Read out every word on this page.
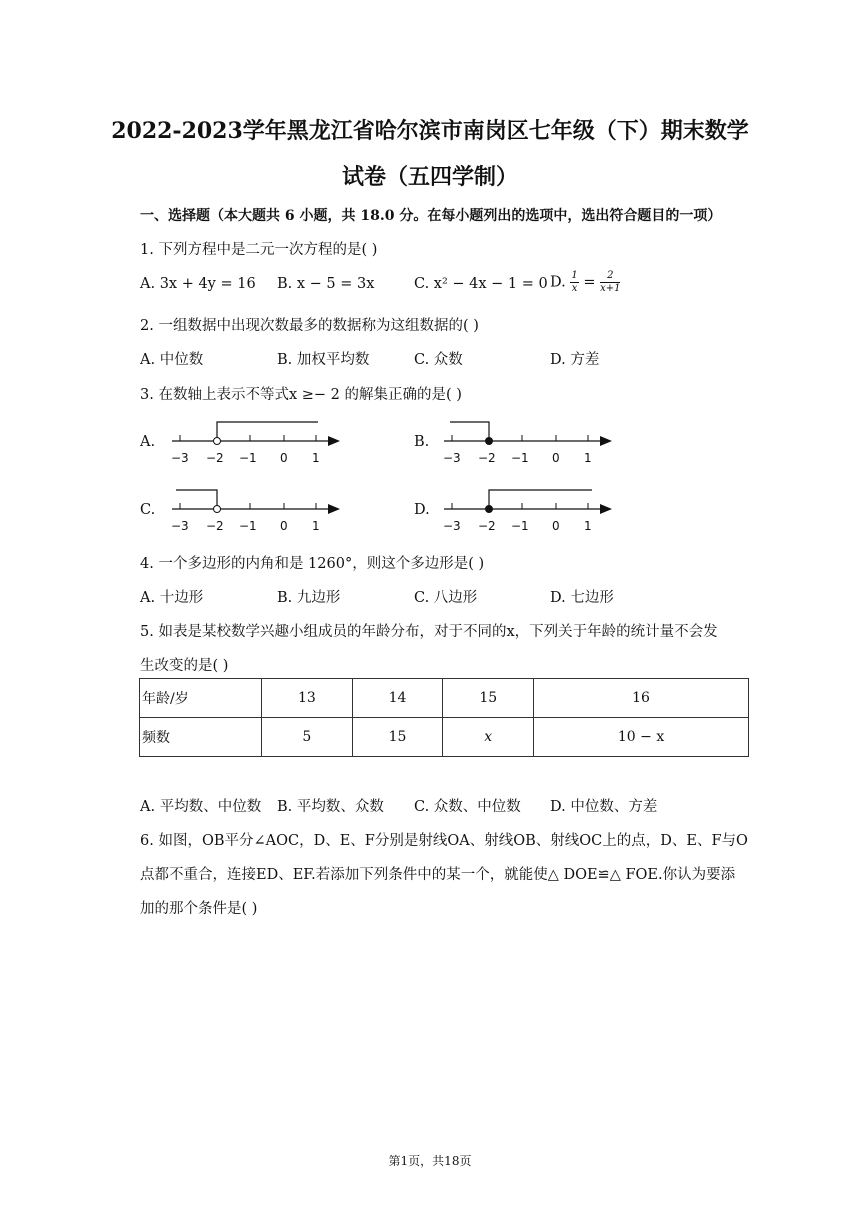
2022-2023学年黑龙江省哈尔滨市南岗区七年级（下）期末数学
试卷（五四学制）
一、选择题（本大题共 6 小题，共 18.0 分。在每小题列出的选项中，选出符合题目的一项）
1. 下列方程中是二元一次方程的是( )
A. 3x + 4y = 16 B. x − 5 = 3x	C. x² − 4x − 1 = 0 D. $\frac{1}{x} = \frac{2}{x+1}$
2. 一组数据中出现次数最多的数据称为这组数据的( )
A. 中位数	B. 加权平均数	C. 众数	D. 方差
3. 在数轴上表示不等式x ≥− 2 的解集正确的是( )
A.
−3 −2 −1 0 1
B.
−3 −2 −1 0 1
C.
−3 −2 −1 0 1
D.
−3 −2 −1 0 1
4. 一个多边形的内角和是 1260°，则这个多边形是( )
A. 十边形	B. 九边形	C. 八边形	D. 七边形
5. 如表是某校数学兴趣小组成员的年龄分布，对于不同的x，下列关于年龄的统计量不会发
生改变的是( )
年龄/岁	13	14	15	16
频数	5	15	x	10 − x
A. 平均数、中位数 B. 平均数、众数 C. 众数、中位数 D. 中位数、方差
6. 如图，OB平分∠AOC，D、E、F分别是射线OA、射线OB、射线OC上的点，D、E、F与O
点都不重合，连接ED、EF.若添加下列条件中的某一个，就能使△ DOE≌△ FOE.你认为要添
加的那个条件是( )
第1页，共18页
